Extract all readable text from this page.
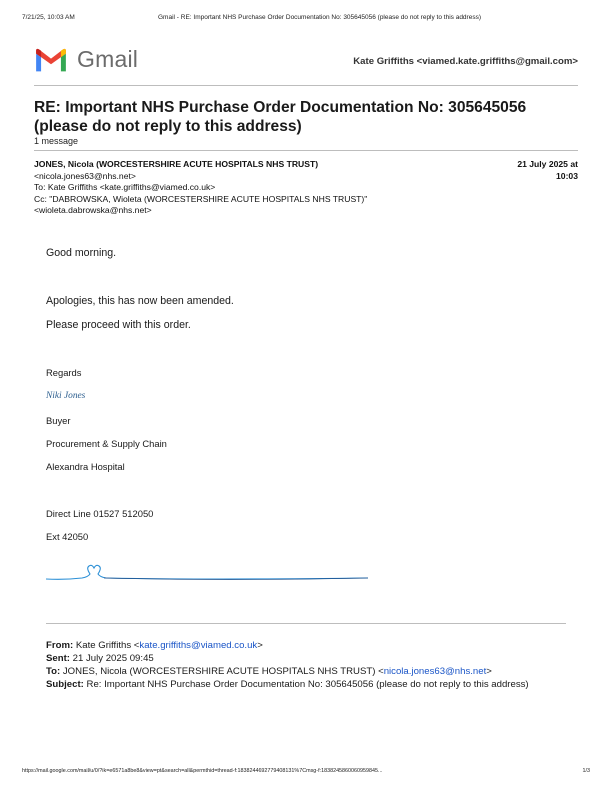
7/21/25, 10:03 AM	Gmail - RE: Important NHS Purchase Order Documentation No: 305645056 (please do not reply to this address)
Gmail	Kate Griffiths <viamed.kate.griffiths@gmail.com>
RE: Important NHS Purchase Order Documentation No: 305645056 (please do not reply to this address)
1 message
JONES, Nicola (WORCESTERSHIRE ACUTE HOSPITALS NHS TRUST)
<nicola.jones63@nhs.net>
To: Kate Griffiths <kate.griffiths@viamed.co.uk>
Cc: "DABROWSKA, Wioleta (WORCESTERSHIRE ACUTE HOSPITALS NHS TRUST)"
<wioleta.dabrowska@nhs.net>
21 July 2025 at
10:03
Good morning.
Apologies, this has now been amended.
Please proceed with this order.
Regards
Niki Jones
Buyer
Procurement & Supply Chain
Alexandra Hospital
Direct Line 01527 512050
Ext 42050
From: Kate Griffiths <kate.griffiths@viamed.co.uk>
Sent: 21 July 2025 09:45
To: JONES, Nicola (WORCESTERSHIRE ACUTE HOSPITALS NHS TRUST) <nicola.jones63@nhs.net>
Subject: Re: Important NHS Purchase Order Documentation No: 305645056 (please do not reply to this address)
https://mail.google.com/mail/u/0/?ik=e6571a8be8&view=pt&search=all&permthid=thread-f:1838244692779408131%7Cmsg-f:1838245860060959845...	1/3
